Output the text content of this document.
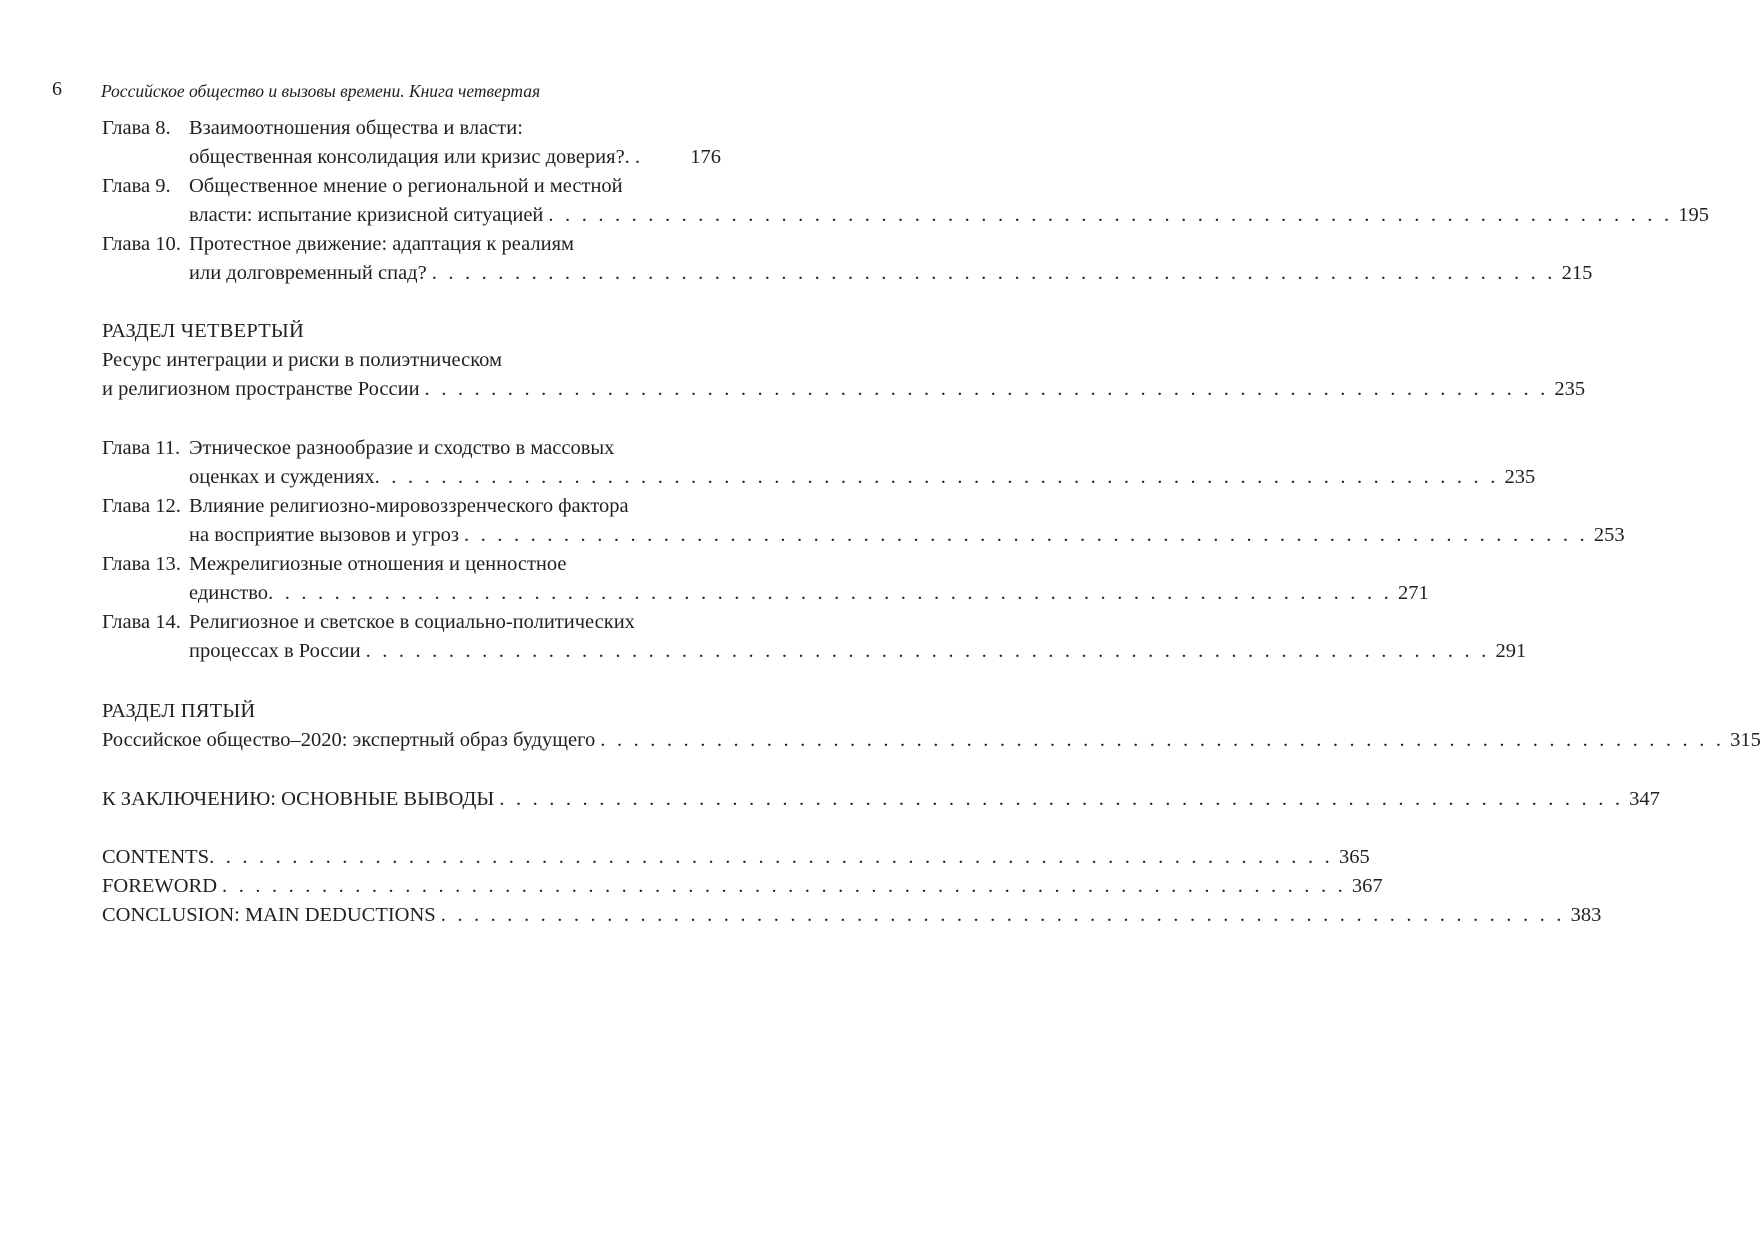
6 Российское общество и вызовы времени. Книга четвертая
Глава 8. Взаимоотношения общества и власти:
общественная консолидация или кризис доверия?. . 176
Глава 9. Общественное мнение о региональной и местной
власти: испытание кризисной ситуацией . . . . . . . . . . . . . . . . . . . . . . . . . . . . . . . . . . . . . . . . . . . . . . . . . . . . . . . . . . . . . . . . . . . . 195
Глава 10. Протестное движение: адаптация к реалиям
или долговременный спад? . . . . . . . . . . . . . . . . . . . . . . . . . . . . . . . . . . . . . . . . . . . . . . . . . . . . . . . . . . . . . . . . . . . . 215
РАЗДЕЛ ЧЕТВЕРТЫЙ
Ресурс интеграции и риски в полиэтническом
и религиозном пространстве России . . . . . . . . . . . . . . . . . . . . . . . . . . . . . . . . . . . . . . . . . . . . . . . . . . . . . . . . . . . . . . . . . . . . 235
Глава 11. Этническое разнообразие и сходство в массовых
оценках и суждениях . . . . . . . . . . . . . . . . . . . . . . . . . . . . . . . . . . . . . . . . . . . . . . . . . . . . . . . . . . . . . . . . . . . . 235
Глава 12. Влияние религиозно-мировоззренческого фактора
на восприятие вызовов и угроз . . . . . . . . . . . . . . . . . . . . . . . . . . . . . . . . . . . . . . . . . . . . . . . . . . . . . . . . . . . . . . . . . . . . 253
Глава 13. Межрелигиозные отношения и ценностное
единство . . . . . . . . . . . . . . . . . . . . . . . . . . . . . . . . . . . . . . . . . . . . . . . . . . . . . . . . . . . . . . . . . . . . 271
Глава 14. Религиозное и светское в социально-политических
процессах в России . . . . . . . . . . . . . . . . . . . . . . . . . . . . . . . . . . . . . . . . . . . . . . . . . . . . . . . . . . . . . . . . . . . . 291
РАЗДЕЛ ПЯТЫЙ
Российское общество–2020: экспертный образ будущего . . . . . . . . . . . . . . . . . . . . . . . . . . . . . . . . . . . . . . . . . . . . . . . . . . . . . . . . . . . . . . . . . . . . 315
К ЗАКЛЮЧЕНИЮ: ОСНОВНЫЕ ВЫВОДЫ . . . . . . . . . . . . . . . . . . . . . . . . . . . . . . . . . . . . . . . . . . . . . . . . . . . . . . . . . . . . . . . . . . . . 347
CONTENTS . . . . . . . . . . . . . . . . . . . . . . . . . . . . . . . . . . . . . . . . . . . . . . . . . . . . . . . . . . . . . . . . . . . . 365
FOREWORD . . . . . . . . . . . . . . . . . . . . . . . . . . . . . . . . . . . . . . . . . . . . . . . . . . . . . . . . . . . . . . . . . . . . 367
CONCLUSION: MAIN DEDUCTIONS . . . . . . . . . . . . . . . . . . . . . . . . . . . . . . . . . . . . . . . . . . . . . . . . . . . . . . . . . . . . . . . . . . . . 383
